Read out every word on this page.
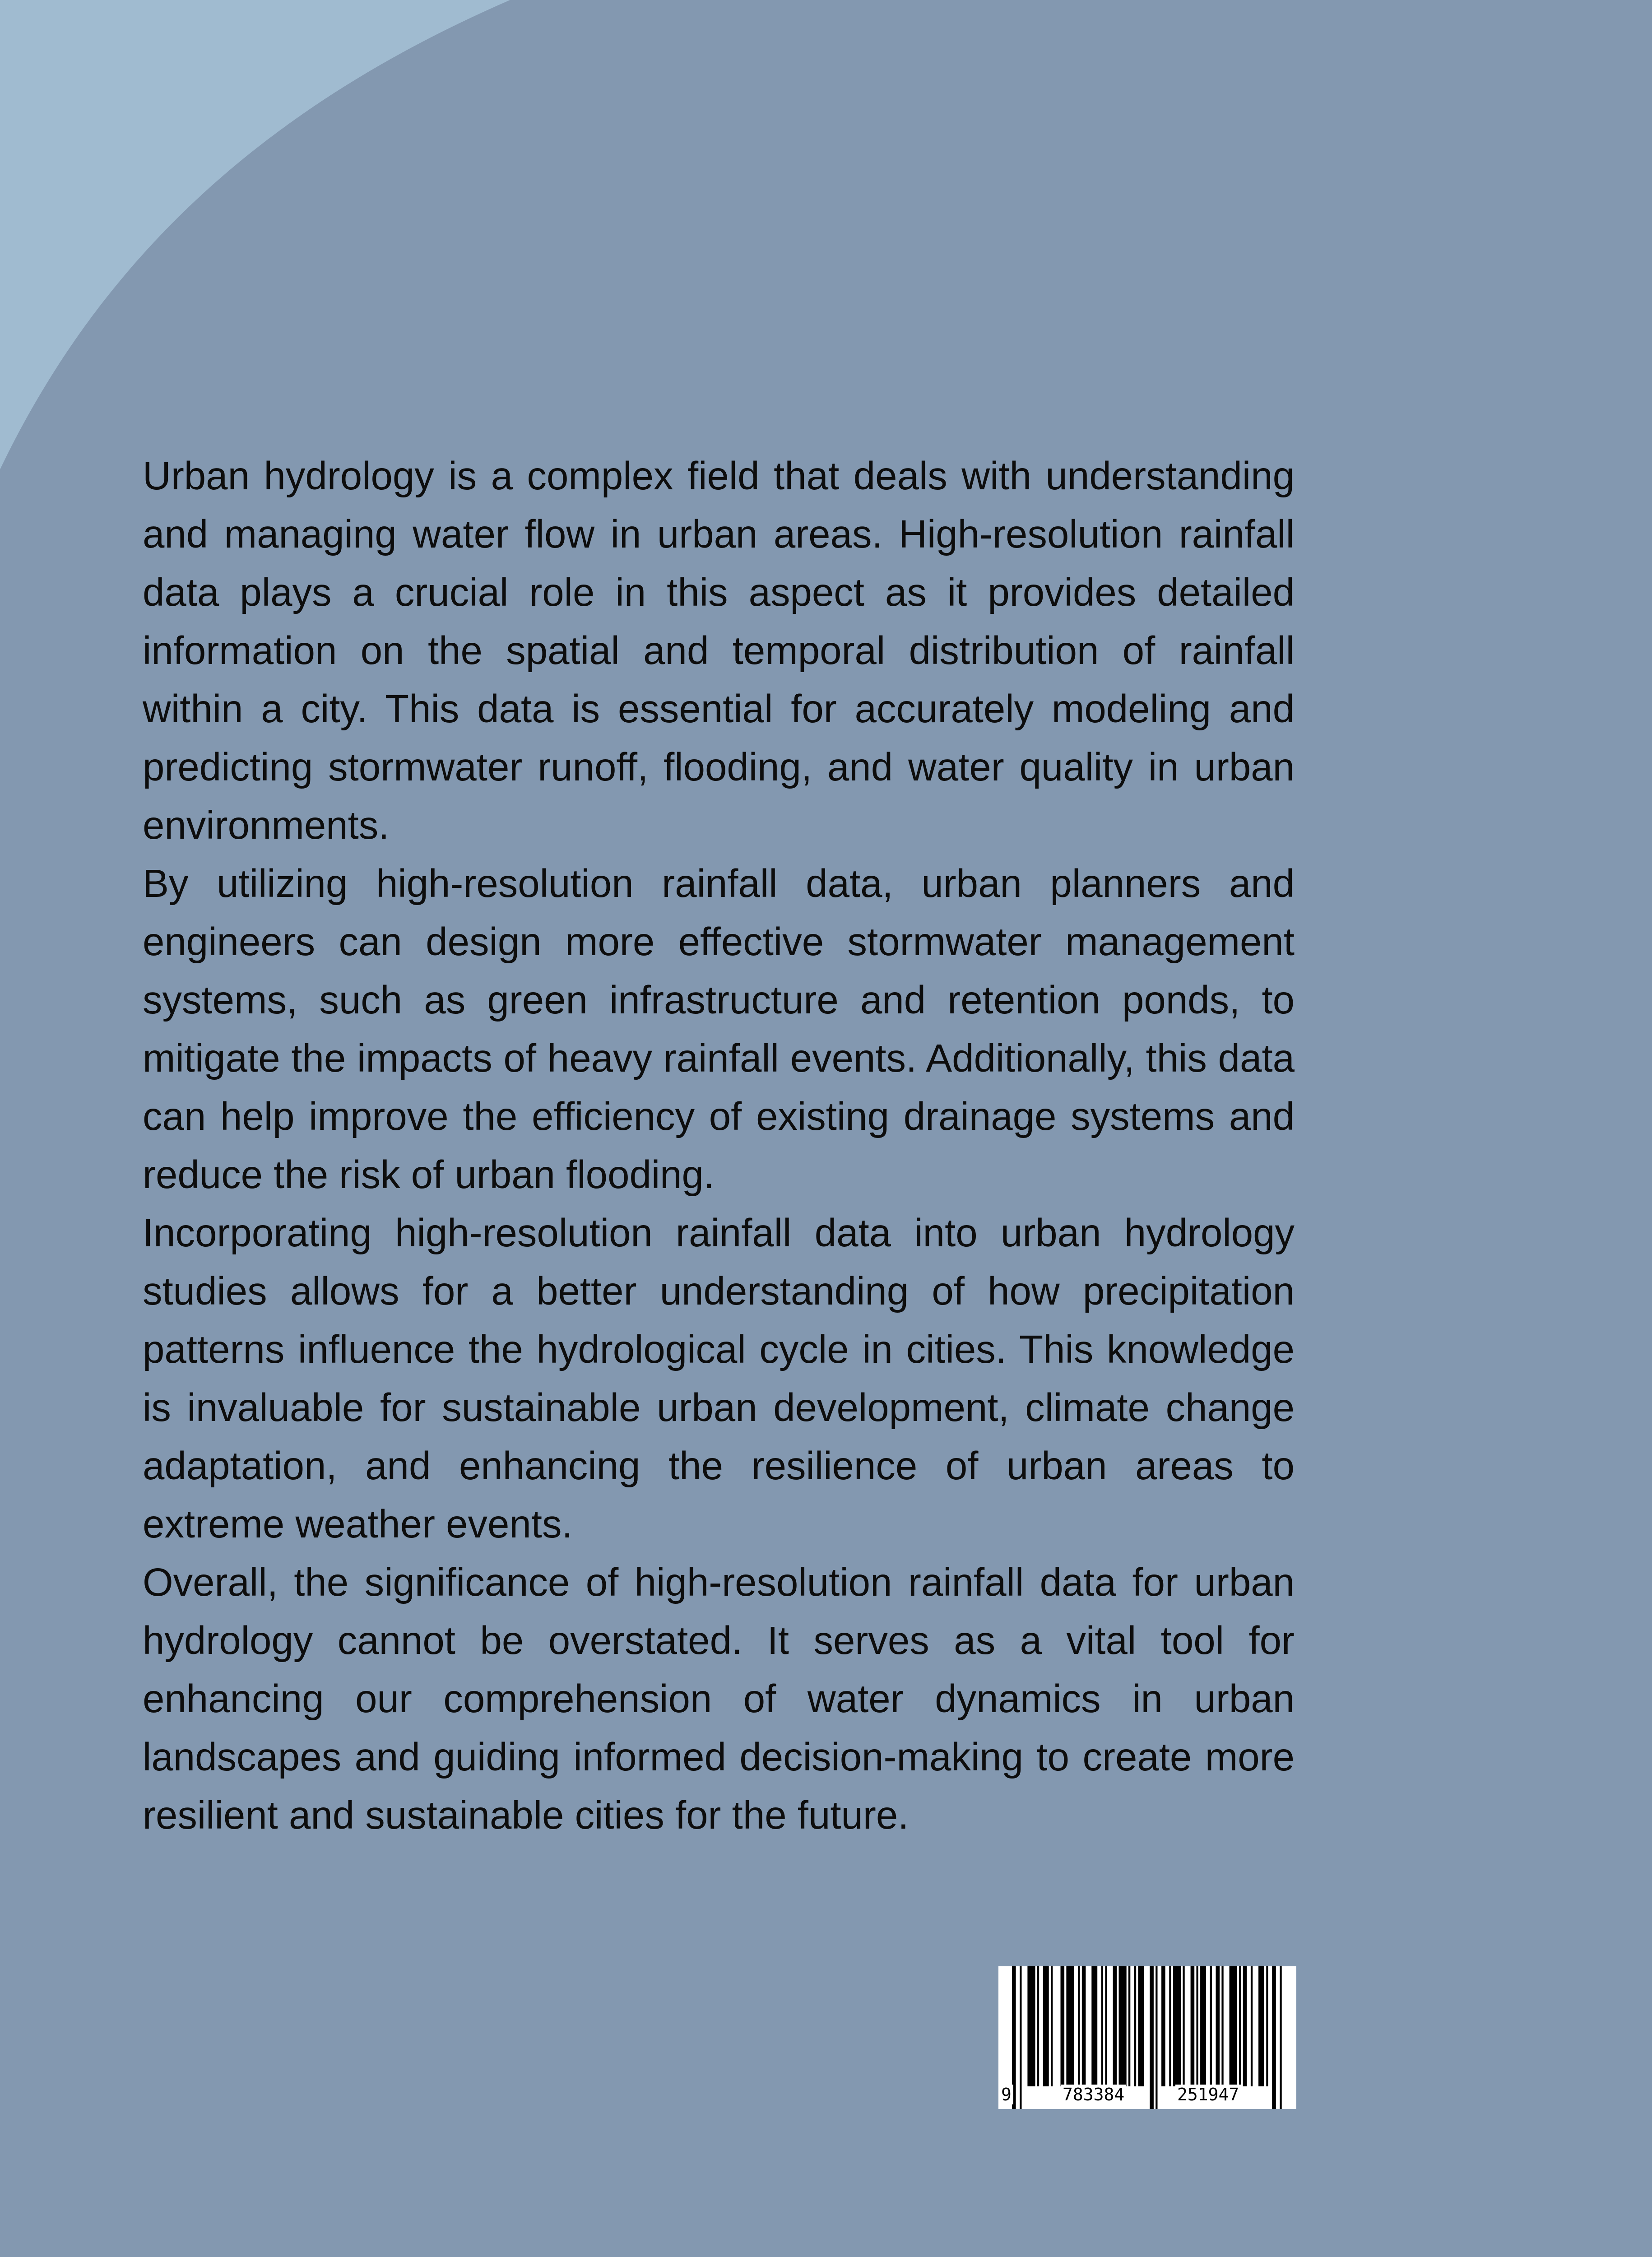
Urban hydrology is a complex field that deals with understanding and managing water flow in urban areas. High-resolution rainfall data plays a crucial role in this aspect as it provides detailed information on the spatial and temporal distribution of rainfall within a city. This data is essential for accurately modeling and predicting stormwater runoff, flooding, and water quality in urban environments.

By utilizing high-resolution rainfall data, urban planners and engineers can design more effective stormwater management systems, such as green infrastructure and retention ponds, to mitigate the impacts of heavy rainfall events. Additionally, this data can help improve the efficiency of existing drainage systems and reduce the risk of urban flooding.

Incorporating high-resolution rainfall data into urban hydrology studies allows for a better understanding of how precipitation patterns influence the hydrological cycle in cities. This knowledge is invaluable for sustainable urban development, climate change adaptation, and enhancing the resilience of urban areas to extreme weather events.

Overall, the significance of high-resolution rainfall data for urban hydrology cannot be overstated. It serves as a vital tool for enhancing our comprehension of water dynamics in urban landscapes and guiding informed decision-making to create more resilient and sustainable cities for the future.

9	783384	251947
